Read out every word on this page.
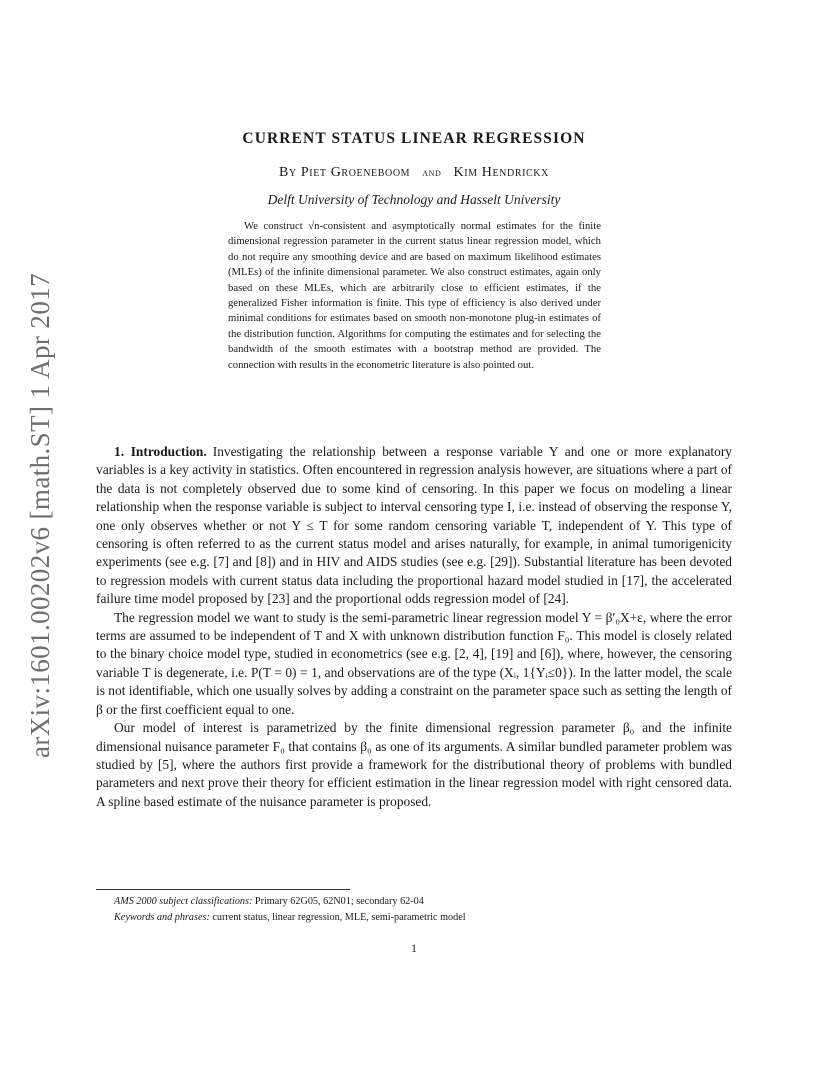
arXiv:1601.00202v6 [math.ST] 1 Apr 2017
CURRENT STATUS LINEAR REGRESSION
By Piet Groeneboom and Kim Hendrickx
Delft University of Technology and Hasselt University

We construct √n-consistent and asymptotically normal estimates for the finite dimensional regression parameter in the current status linear regression model, which do not require any smoothing device and are based on maximum likelihood estimates (MLEs) of the infinite dimensional parameter. We also construct estimates, again only based on these MLEs, which are arbitrarily close to efficient estimates, if the generalized Fisher information is finite. This type of efficiency is also derived under minimal conditions for estimates based on smooth non-monotone plug-in estimates of the distribution function. Algorithms for computing the estimates and for selecting the bandwidth of the smooth estimates with a bootstrap method are provided. The connection with results in the econometric literature is also pointed out.

1. Introduction. Investigating the relationship between a response variable Y and one or more explanatory variables is a key activity in statistics. Often encountered in regression analysis however, are situations where a part of the data is not completely observed due to some kind of censoring. In this paper we focus on modeling a linear relationship when the response variable is subject to interval censoring type I, i.e. instead of observing the response Y, one only observes whether or not Y ≤ T for some random censoring variable T, independent of Y. This type of censoring is often referred to as the current status model and arises naturally, for example, in animal tumorigenicity experiments (see e.g. [7] and [8]) and in HIV and AIDS studies (see e.g. [29]). Substantial literature has been devoted to regression models with current status data including the proportional hazard model studied in [17], the accelerated failure time model proposed by [23] and the proportional odds regression model of [24].

The regression model we want to study is the semi-parametric linear regression model Y = β′₀X+ε, where the error terms are assumed to be independent of T and X with unknown distribution function F₀. This model is closely related to the binary choice model type, studied in econometrics (see e.g. [2, 4], [19] and [6]), where, however, the censoring variable T is degenerate, i.e. P(T = 0) = 1, and observations are of the type (Xᵢ, 1{Yᵢ≤0}). In the latter model, the scale is not identifiable, which one usually solves by adding a constraint on the parameter space such as setting the length of β or the first coefficient equal to one.

Our model of interest is parametrized by the finite dimensional regression parameter β₀ and the infinite dimensional nuisance parameter F₀ that contains β₀ as one of its arguments. A similar bundled parameter problem was studied by [5], where the authors first provide a framework for the distributional theory of problems with bundled parameters and next prove their theory for efficient estimation in the linear regression model with right censored data. A spline based estimate of the nuisance parameter is proposed.

AMS 2000 subject classifications: Primary 62G05, 62N01; secondary 62-04
Keywords and phrases: current status, linear regression, MLE, semi-parametric model
1
